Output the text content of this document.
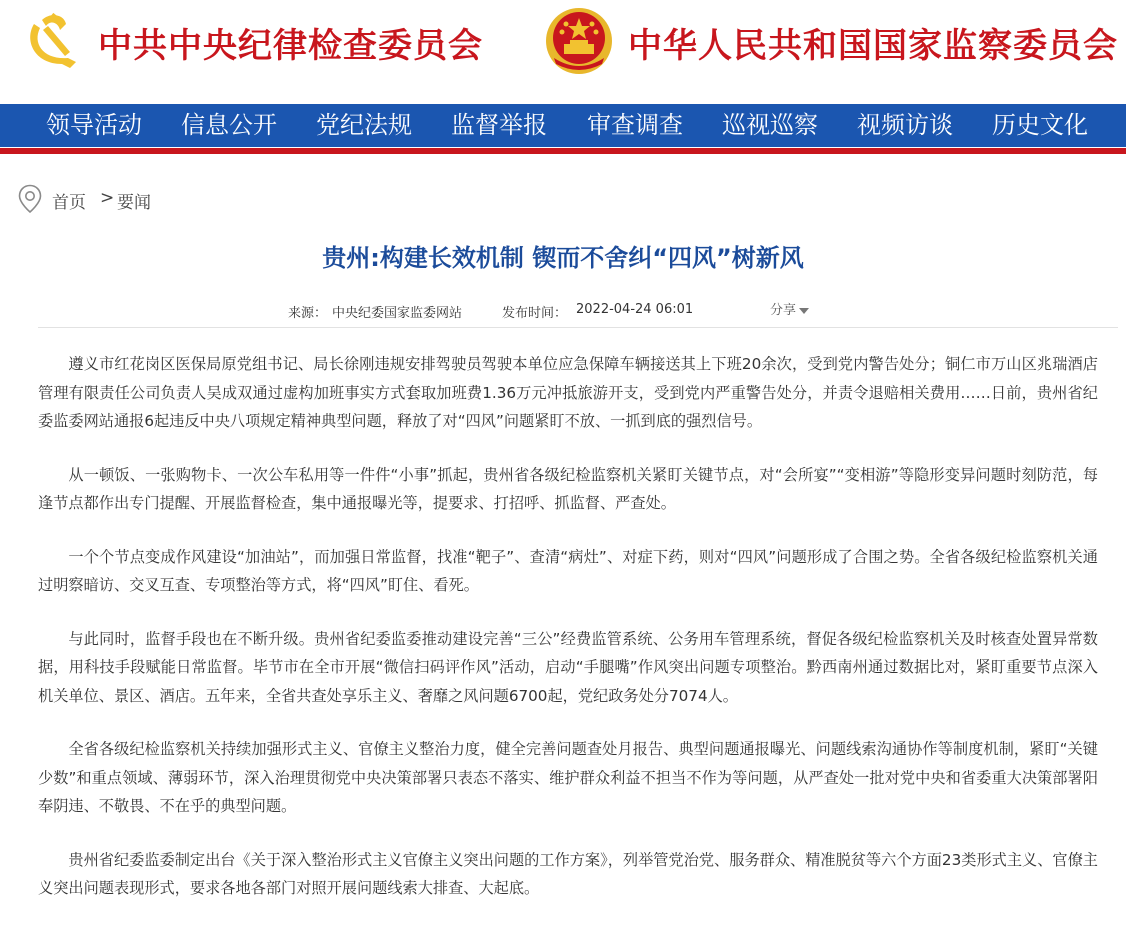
中共中央纪律检查委员会	中华人民共和国国家监察委员会
领导活动 信息公开 党纪法规 监督举报 审查调查 巡视巡察 视频访谈 历史文化
首页 > 要闻
贵州:构建长效机制 锲而不舍纠“四风”树新风
来源： 中央纪委国家监委网站	发布时间： 2022-04-24 06:01	分享

遵义市红花岗区医保局原党组书记、局长徐刚违规安排驾驶员驾驶本单位应急保障车辆接送其上下班20余次，受到党内警告处分；铜仁市万山区兆瑞酒店管理有限责任公司负责人吴成双通过虚构加班事实方式套取加班费1.36万元冲抵旅游开支，受到党内严重警告处分，并责令退赔相关费用……日前，贵州省纪委监委网站通报6起违反中央八项规定精神典型问题，释放了对“四风”问题紧盯不放、一抓到底的强烈信号。

从一顿饭、一张购物卡、一次公车私用等一件件“小事”抓起，贵州省各级纪检监察机关紧盯关键节点，对“会所宴”“变相游”等隐形变异问题时刻防范，每逢节点都作出专门提醒、开展监督检查，集中通报曝光等，提要求、打招呼、抓监督、严查处。

一个个节点变成作风建设“加油站”，而加强日常监督，找准“靶子”、查清“病灶”、对症下药，则对“四风”问题形成了合围之势。全省各级纪检监察机关通过明察暗访、交叉互查、专项整治等方式，将“四风”盯住、看死。

与此同时，监督手段也在不断升级。贵州省纪委监委推动建设完善“三公”经费监管系统、公务用车管理系统，督促各级纪检监察机关及时核查处置异常数据，用科技手段赋能日常监督。毕节市在全市开展“微信扫码评作风”活动，启动“手腿嘴”作风突出问题专项整治。黔西南州通过数据比对，紧盯重要节点深入机关单位、景区、酒店。五年来，全省共查处享乐主义、奢靡之风问题6700起，党纪政务处分7074人。

全省各级纪检监察机关持续加强形式主义、官僚主义整治力度，健全完善问题查处月报告、典型问题通报曝光、问题线索沟通协作等制度机制，紧盯“关键少数”和重点领域、薄弱环节，深入治理贯彻党中央决策部署只表态不落实、维护群众利益不担当不作为等问题，从严查处一批对党中央和省委重大决策部署阳奉阴违、不敬畏、不在乎的典型问题。

贵州省纪委监委制定出台《关于深入整治形式主义官僚主义突出问题的工作方案》，列举管党治党、服务群众、精准脱贫等六个方面23类形式主义、官僚主义突出问题表现形式，要求各地各部门对照开展问题线索大排查、大起底。
